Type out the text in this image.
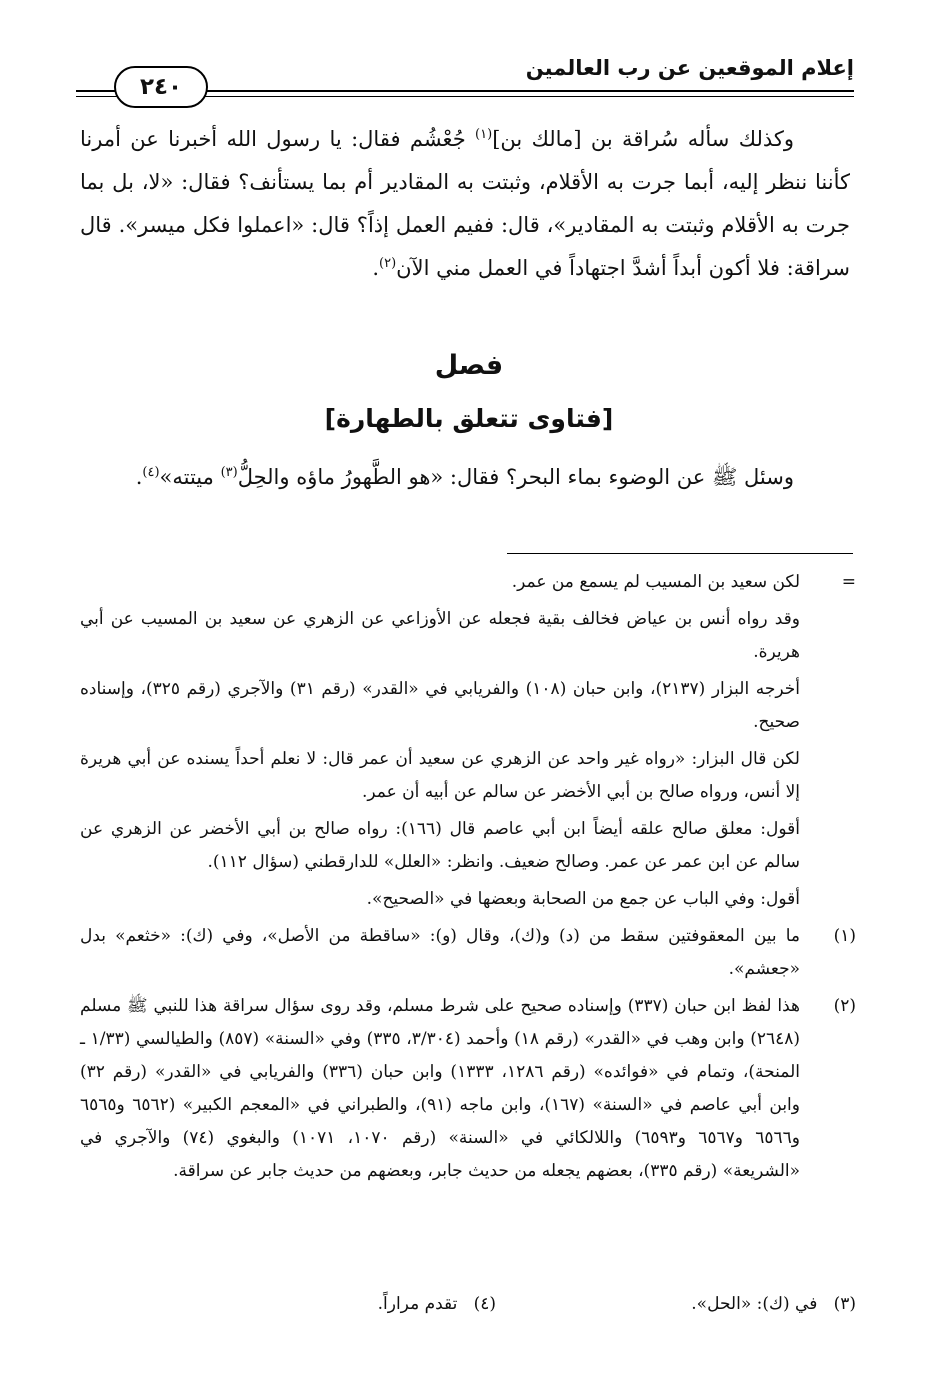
إعلام الموقعين عن رب العالمين
٢٤٠

وكذلك سأله سُراقة بن [مالك بن]$^{(١)}$ جُعْشُم فقال: يا رسول الله أخبرنا عن أمرنا كأننا ننظر إليه، أبما جرت به الأقلام، وثبتت به المقادير أم بما يستأنف؟ فقال: «لا، بل بما جرت به الأقلام وثبتت به المقادير»، قال: ففيم العمل إذاً؟ قال: «اعملوا فكل ميسر». قال سراقة: فلا أكون أبداً أشدَّ اجتهاداً في العمل مني الآن$^{(٢)}$.

فصل
[فتاوى تتعلق بالطهارة]

وسئل ﷺ عن الوضوء بماء البحر؟ فقال: «هو الطَّهورُ ماؤه والحِلُّ$^{(٣)}$ ميتته»$^{(٤)}$.

=

لكن سعيد بن المسيب لم يسمع من عمر.

وقد رواه أنس بن عياض فخالف بقية فجعله عن الأوزاعي عن الزهري عن سعيد بن المسيب عن أبي هريرة.

أخرجه البزار (٢١٣٧)، وابن حبان (١٠٨) والفريابي في «القدر» (رقم ٣١) والآجري (رقم ٣٢٥)، وإسناده صحيح.

لكن قال البزار: «رواه غير واحد عن الزهري عن سعيد أن عمر قال: لا نعلم أحداً يسنده عن أبي هريرة إلا أنس، ورواه صالح بن أبي الأخضر عن سالم عن أبيه أن عمر.

أقول: معلق صالح علقه أيضاً ابن أبي عاصم قال (١٦٦): رواه صالح بن أبي الأخضر عن الزهري عن سالم عن ابن عمر عن عمر. وصالح ضعيف. وانظر: «العلل» للدارقطني (سؤال ١١٢).

أقول: وفي الباب عن جمع من الصحابة وبعضها في «الصحيح».

(١)

ما بين المعقوفتين سقط من (د) و(ك)، وقال (و): «ساقطة من الأصل»، وفي (ك): «خثعم» بدل «جعشم».

(٢)

هذا لفظ ابن حبان (٣٣٧) وإسناده صحيح على شرط مسلم، وقد روى سؤال سراقة هذا للنبي ﷺ مسلم (٢٦٤٨) وابن وهب في «القدر» (رقم ١٨) وأحمد (٣/٣٠٤، ٣٣٥) وفي «السنة» (٨٥٧) والطيالسي (١/٣٣ ـ المنحة)، وتمام في «فوائده» (رقم ١٢٨٦، ١٣٣٣) وابن حبان (٣٣٦) والفريابي في «القدر» (رقم ٣٢) وابن أبي عاصم في «السنة» (١٦٧)، وابن ماجه (٩١)، والطبراني في «المعجم الكبير» (٦٥٦٢ و٦٥٦٥ و٦٥٦٦ و٦٥٦٧ و٦٥٩٣) واللالكائي في «السنة» (رقم ١٠٧٠، ١٠٧١) والبغوي (٧٤) والآجري في «الشريعة» (رقم ٣٣٥)، بعضهم يجعله من حديث جابر، وبعضهم من حديث جابر عن سراقة.

(٣)   في (ك): «الحل».
(٤)   تقدم مراراً.
